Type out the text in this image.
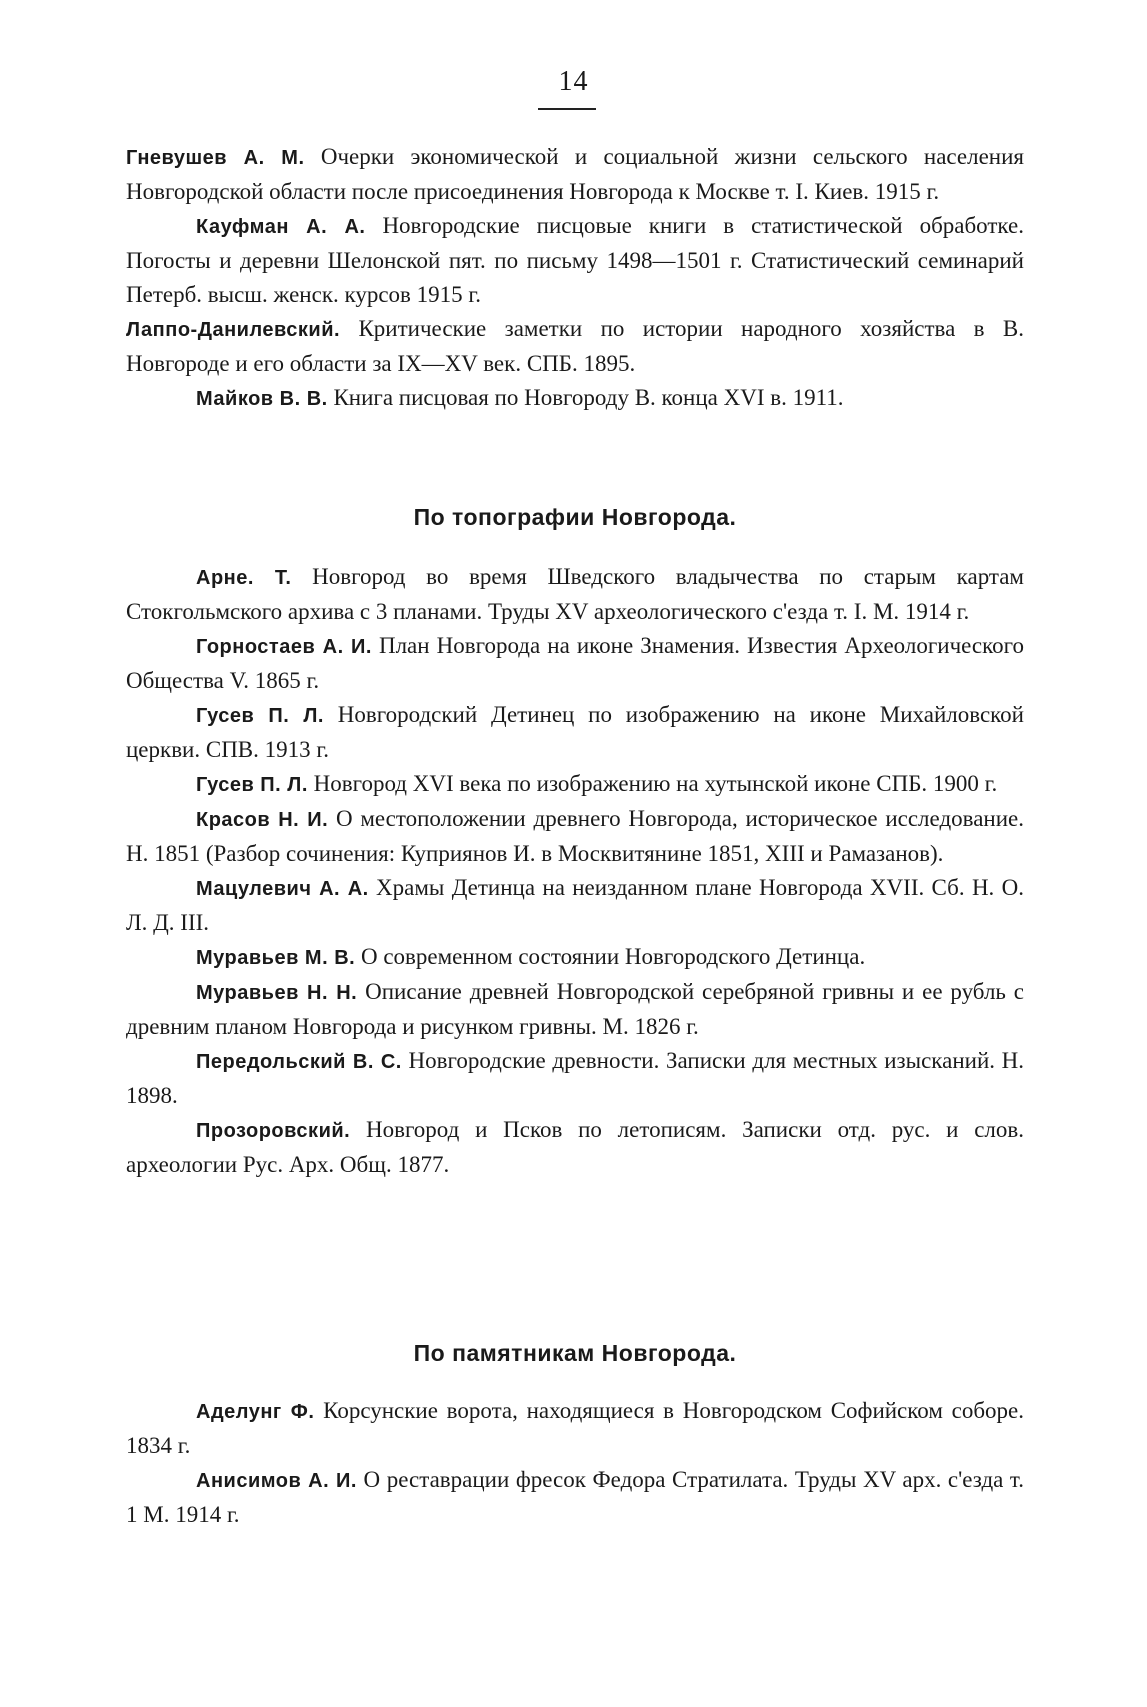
14

Гневушев А. М. Очерки экономической и социальной жизни сельского населения Новгородской области после присоединения Новгорода к Москве т. I. Киев. 1915 г.

Кауфман А. А. Новгородские писцовые книги в статистической обработке. Погосты и деревни Шелонской пят. по письму 1498—1501 г. Статистический семинарий Петерб. высш. женск. курсов 1915 г.

Лаппо-Данилевский. Критические заметки по истории народного хозяйства в В. Новгороде и его области за IX—XV век. СПБ. 1895.

Майков В. В. Книга писцовая по Новгороду В. конца XVI в. 1911.

По топографии Новгорода.

Арне. Т. Новгород во время Шведского владычества по старым картам Стокгольмского архива с 3 планами. Труды XV археологического с'езда т. I. М. 1914 г.

Горностаев А. И. План Новгорода на иконе Знамения. Известия Археологического Общества V. 1865 г.

Гусев П. Л. Новгородский Детинец по изображению на иконе Михайловской церкви. СПВ. 1913 г.

Гусев П. Л. Новгород XVI века по изображению на хутынской иконе СПБ. 1900 г.

Красов Н. И. О местоположении древнего Новгорода, историческое исследование. Н. 1851 (Разбор сочинения: Куприянов И. в Москвитянине 1851, XIII и Рамазанов).

Мацулевич А. А. Храмы Детинца на неизданном плане Новгорода XVII. Сб. Н. О. Л. Д. III.

Муравьев М. В. О современном состоянии Новгородского Детинца.

Муравьев Н. Н. Описание древней Новгородской серебряной гривны и ее рубль с древним планом Новгорода и рисунком гривны. М. 1826 г.

Передольский В. С. Новгородские древности. Записки для местных изысканий. Н. 1898.

Прозоровский. Новгород и Псков по летописям. Записки отд. рус. и слов. археологии Рус. Арх. Общ. 1877.

По памятникам Новгорода.

Аделунг Ф. Корсунские ворота, находящиеся в Новгородском Софийском соборе. 1834 г.

Анисимов А. И. О реставрации фресок Федора Стратилата. Труды XV арх. с'езда т. 1 М. 1914 г.
